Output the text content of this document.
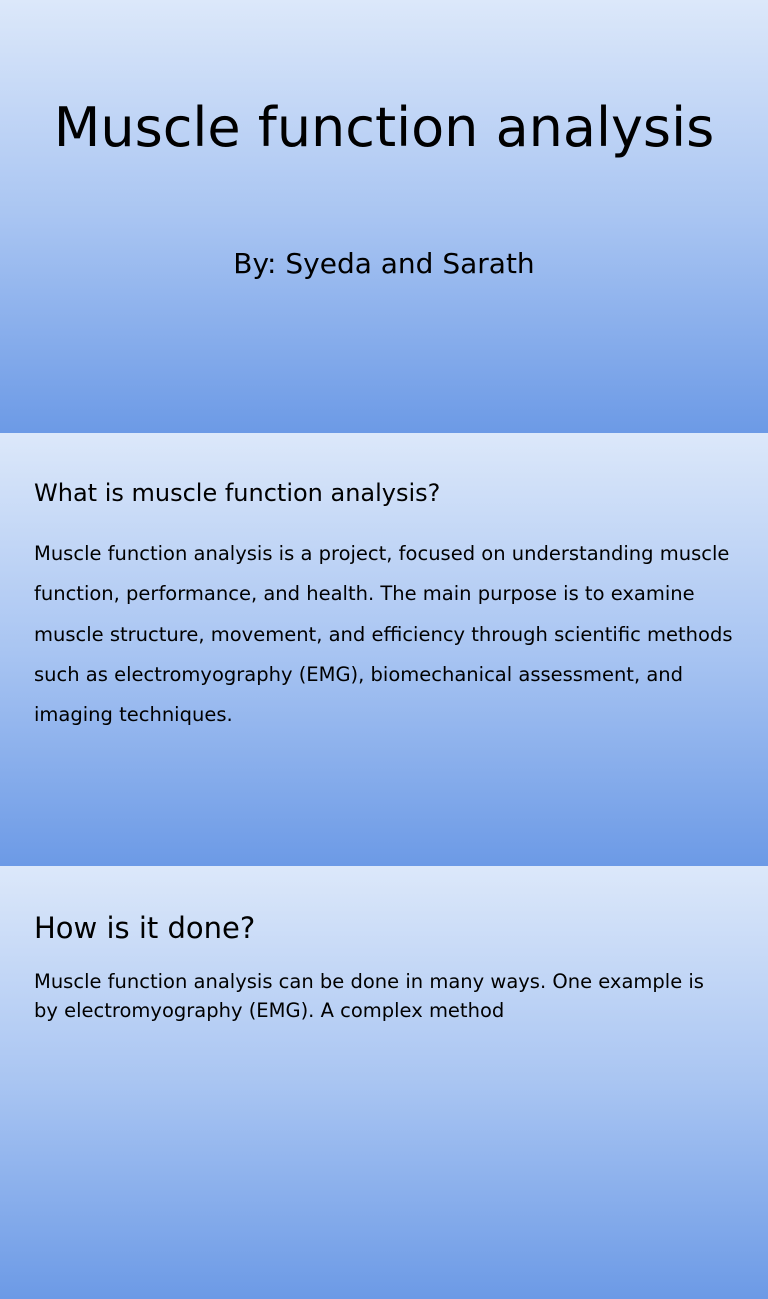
Muscle function analysis

By: Syeda and Sarath

What is muscle function analysis?

Muscle function analysis is a project, focused on understanding muscle function, performance, and health. The main purpose is to examine muscle structure, movement, and efficiency through scientific methods such as electromyography (EMG), biomechanical assessment, and imaging techniques.

How is it done?

Muscle function analysis can be done in many ways. One example is by electromyography (EMG). A complex method
